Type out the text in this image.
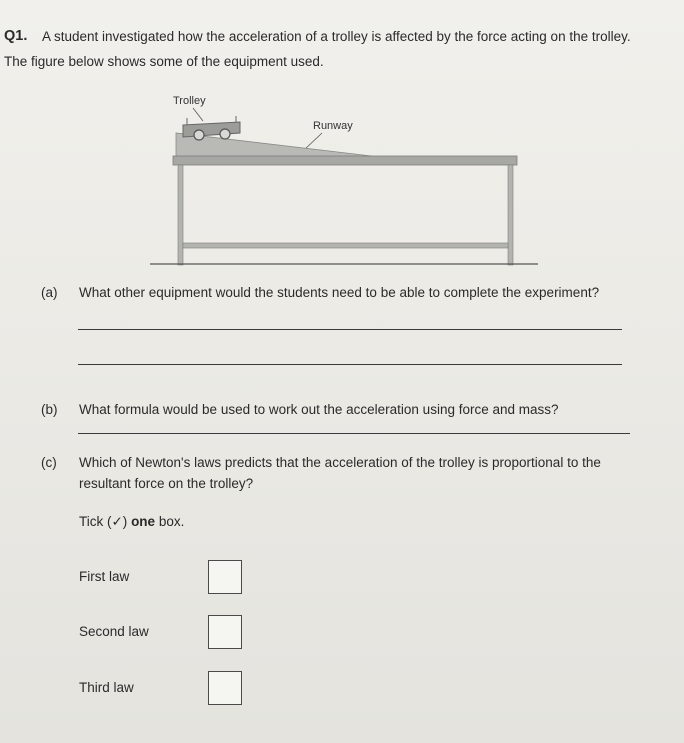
Q1. A student investigated how the acceleration of a trolley is affected by the force acting on the trolley.
The figure below shows some of the equipment used.
Trolley
Runway
(a) What other equipment would the students need to be able to complete the experiment?
(b) What formula would be used to work out the acceleration using force and mass?
(c) Which of Newton's laws predicts that the acceleration of the trolley is proportional to the
resultant force on the trolley?
Tick (✓) one box.
First law
Second law
Third law
